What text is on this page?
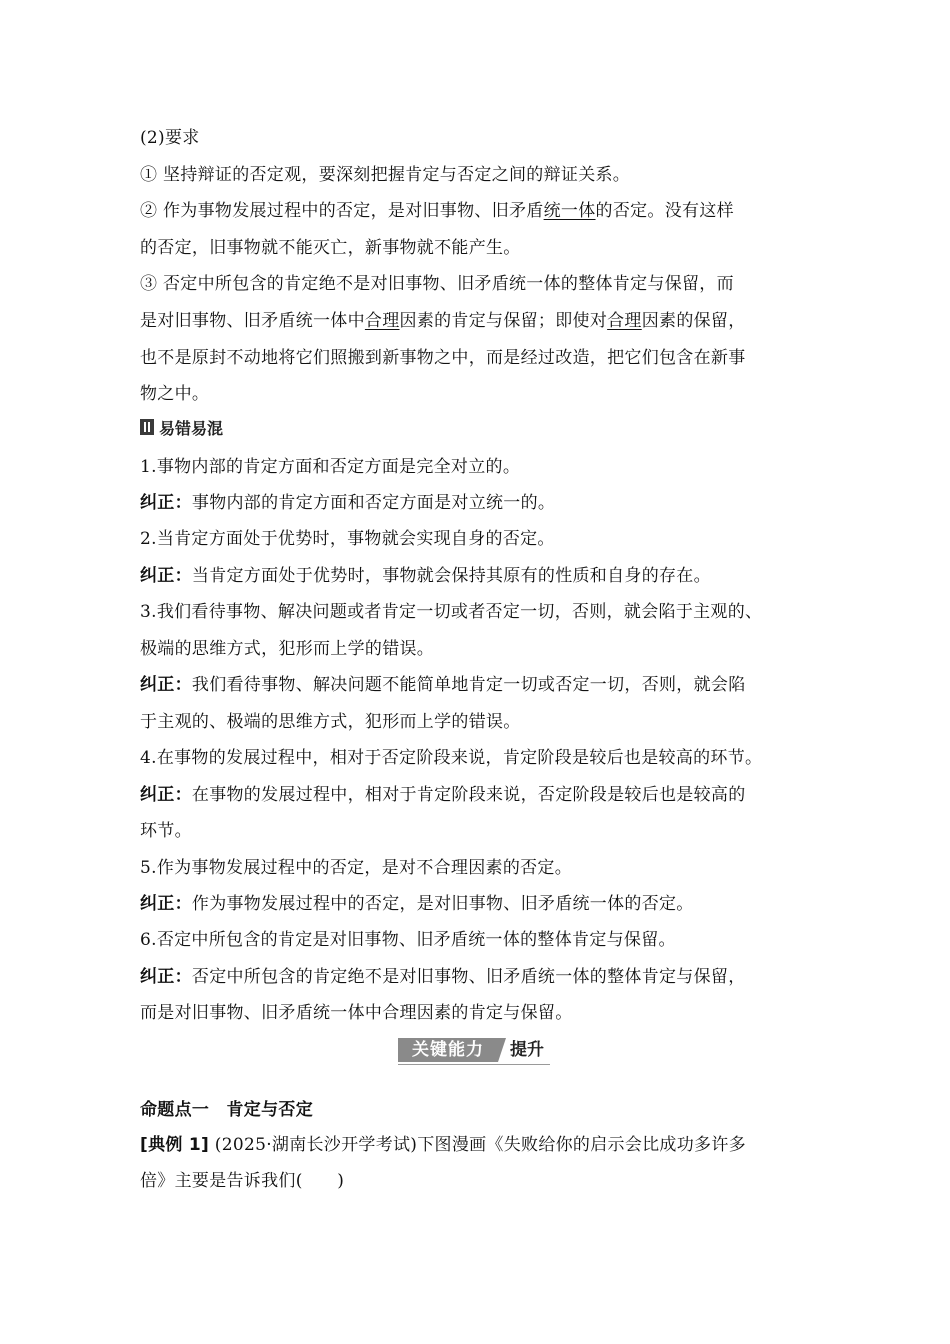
(2)要求
① 坚持辩证的否定观，要深刻把握肯定与否定之间的辩证关系。
② 作为事物发展过程中的否定，是对旧事物、旧矛盾统一体的否定。没有这样
的否定，旧事物就不能灭亡，新事物就不能产生。
③ 否定中所包含的肯定绝不是对旧事物、旧矛盾统一体的整体肯定与保留，而
是对旧事物、旧矛盾统一体中合理因素的肯定与保留；即使对合理因素的保留，
也不是原封不动地将它们照搬到新事物之中，而是经过改造，把它们包含在新事
物之中。
易错易混
1.事物内部的肯定方面和否定方面是完全对立的。
纠正：事物内部的肯定方面和否定方面是对立统一的。
2.当肯定方面处于优势时，事物就会实现自身的否定。
纠正：当肯定方面处于优势时，事物就会保持其原有的性质和自身的存在。
3.我们看待事物、解决问题或者肯定一切或者否定一切，否则，就会陷于主观的、
极端的思维方式，犯形而上学的错误。
纠正：我们看待事物、解决问题不能简单地肯定一切或否定一切，否则，就会陷
于主观的、极端的思维方式，犯形而上学的错误。
4.在事物的发展过程中，相对于否定阶段来说，肯定阶段是较后也是较高的环节。
纠正：在事物的发展过程中，相对于肯定阶段来说，否定阶段是较后也是较高的
环节。
5.作为事物发展过程中的否定，是对不合理因素的否定。
纠正：作为事物发展过程中的否定，是对旧事物、旧矛盾统一体的否定。
6.否定中所包含的肯定是对旧事物、旧矛盾统一体的整体肯定与保留。
纠正：否定中所包含的肯定绝不是对旧事物、旧矛盾统一体的整体肯定与保留，
而是对旧事物、旧矛盾统一体中合理因素的肯定与保留。
关键能力	提升
命题点一　肯定与否定
[典例 1] (2025·湖南长沙开学考试)下图漫画《失败给你的启示会比成功多许多
倍》主要是告诉我们(　　)
